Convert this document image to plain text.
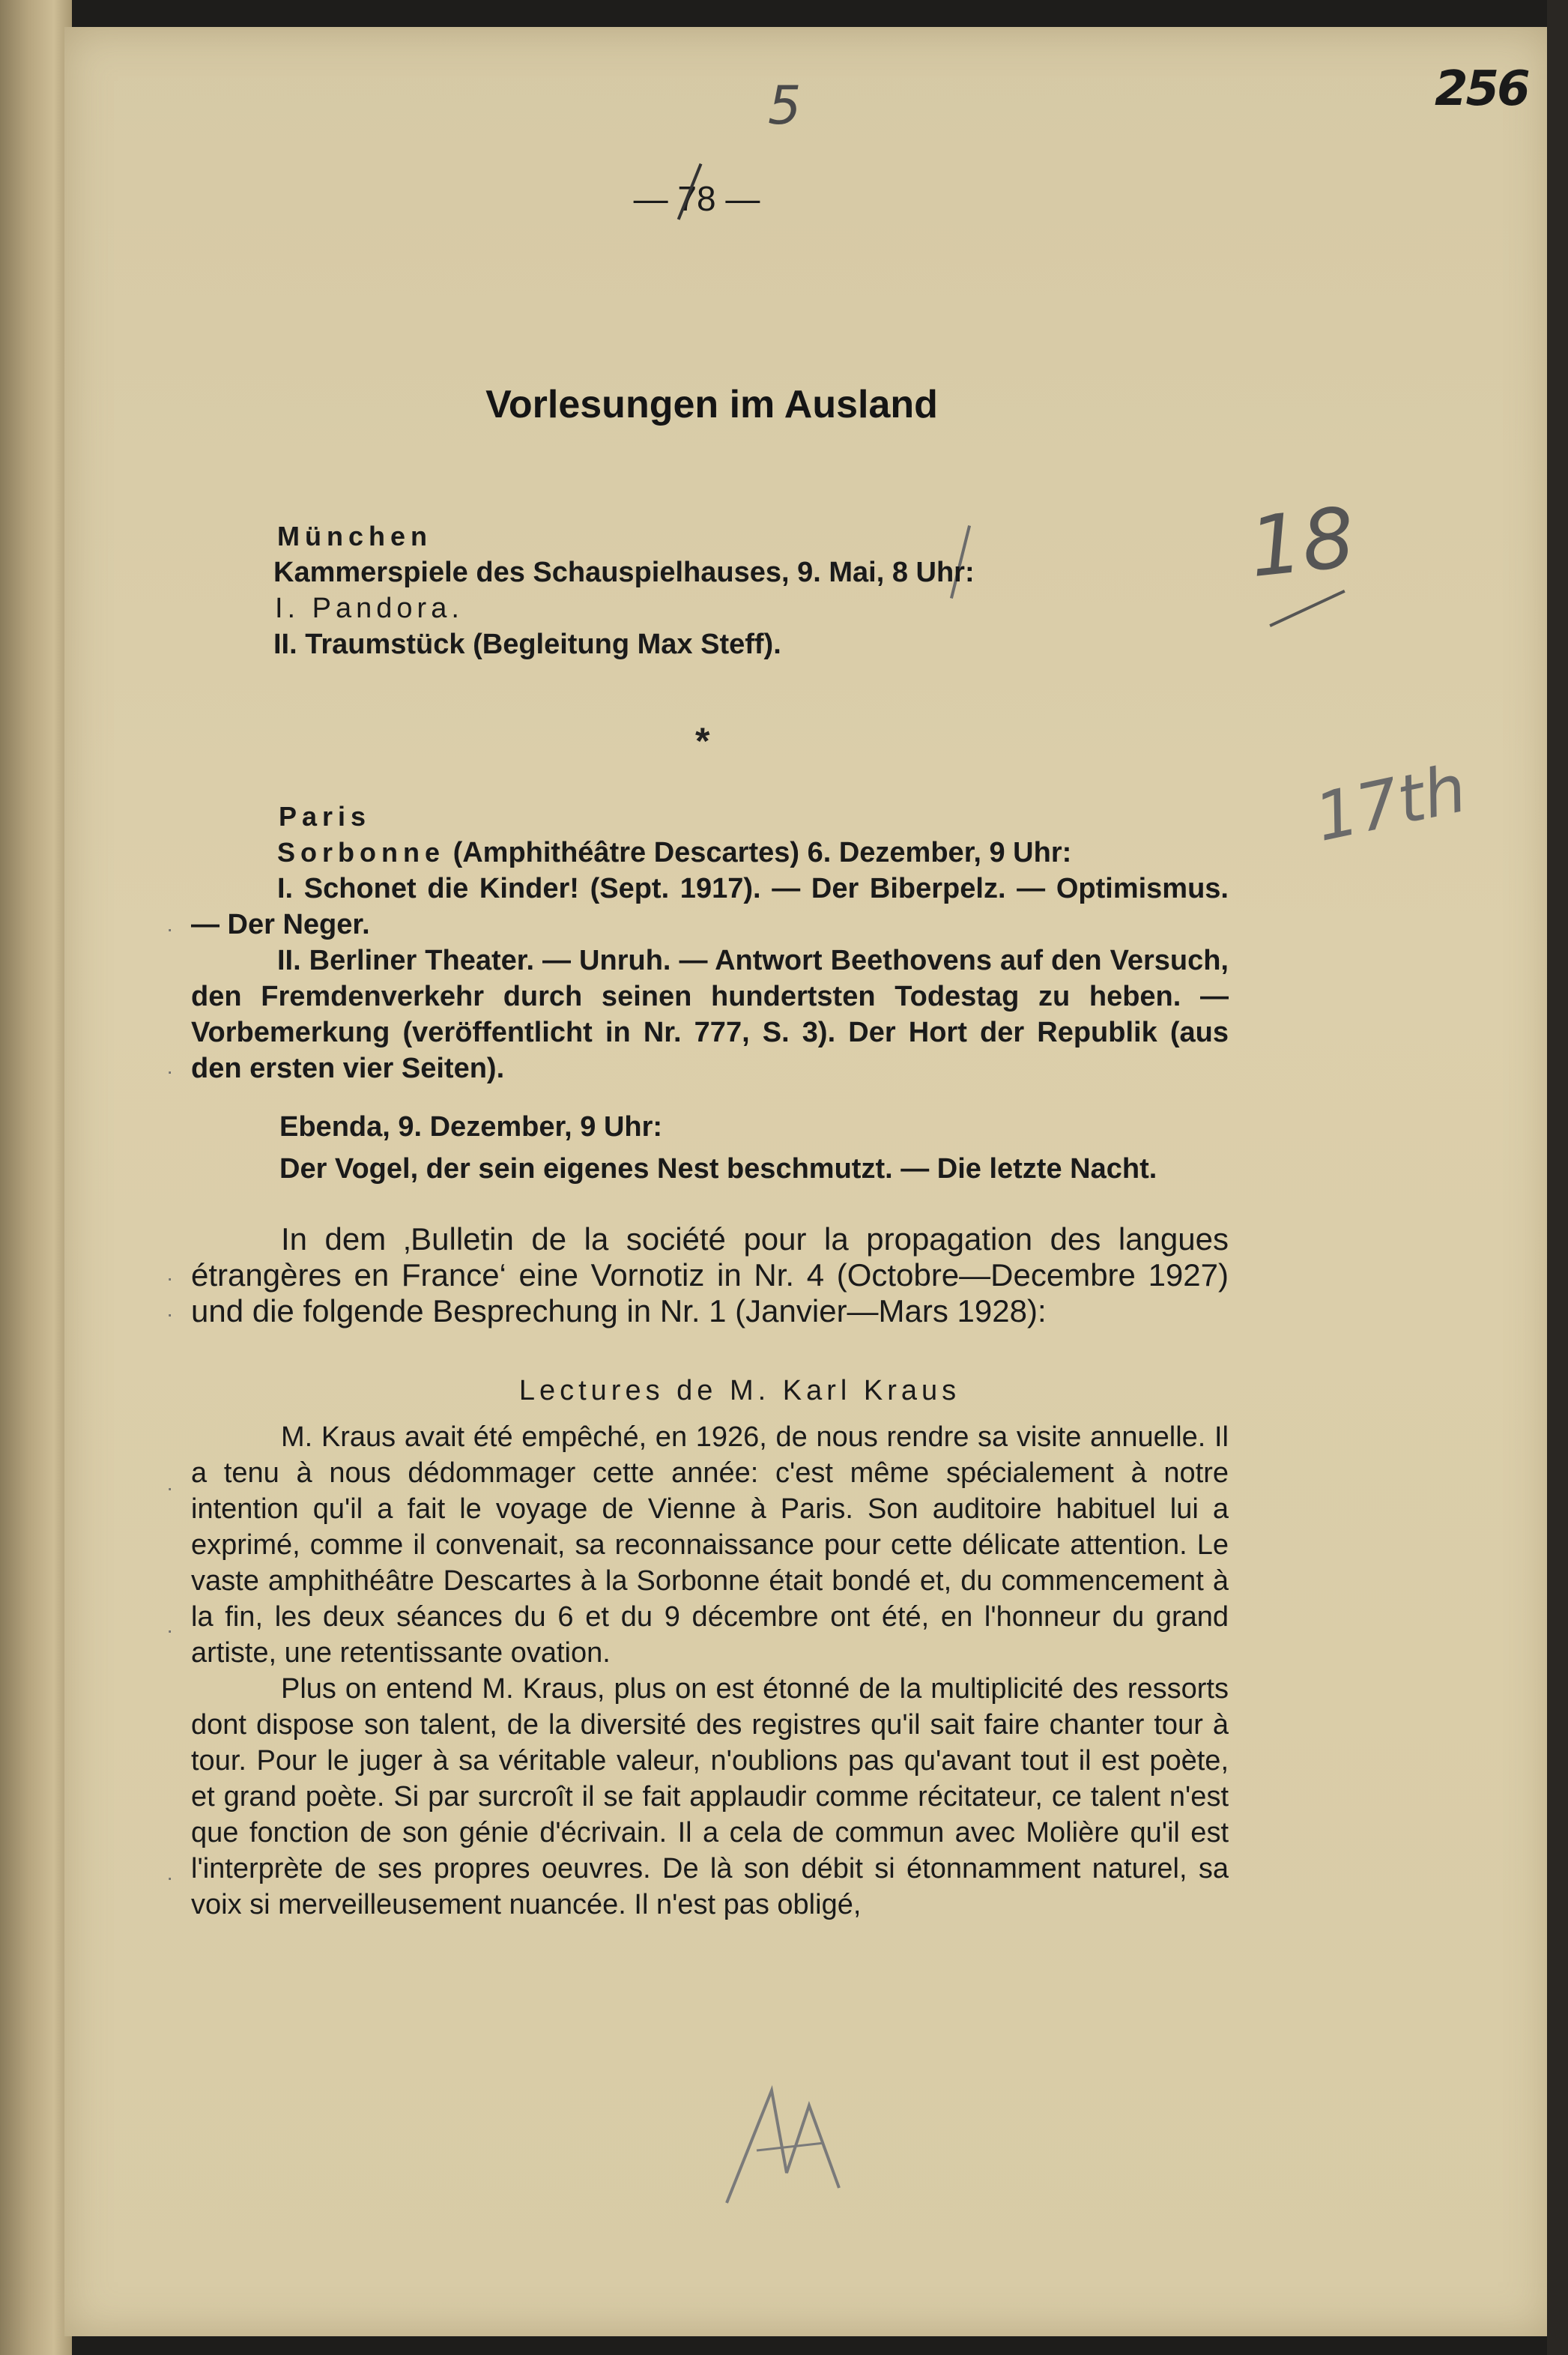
256
5
— 78 —
Vorlesungen im Ausland
18
17th
München
Kammerspiele des Schauspielhauses, 9. Mai, 8 Uhr:
I. Pandora.
II. Traumstück (Begleitung Max Steff).
*
Paris
Sorbonne (Amphithéâtre Descartes) 6. Dezember, 9 Uhr:
I. Schonet die Kinder! (Sept. 1917). — Der Biberpelz. — Optimismus. — Der Neger.
II. Berliner Theater. — Unruh. — Antwort Beethovens auf den Versuch, den Fremdenverkehr durch seinen hundertsten Todestag zu heben. — Vorbemerkung (veröffentlicht in Nr. 777, S. 3). Der Hort der Republik (aus den ersten vier Seiten).
Ebenda, 9. Dezember, 9 Uhr:
Der Vogel, der sein eigenes Nest beschmutzt. — Die letzte Nacht.
In dem ‚Bulletin de la société pour la propagation des langues étrangères en France‘ eine Vornotiz in Nr. 4 (Octobre—Decembre 1927) und die folgende Besprechung in Nr. 1 (Janvier—Mars 1928):
Lectures de M. Karl Kraus
M. Kraus avait été empêché, en 1926, de nous rendre sa visite annuelle. Il a tenu à nous dédommager cette année: c'est même spécialement à notre intention qu'il a fait le voyage de Vienne à Paris. Son auditoire habituel lui a exprimé, comme il convenait, sa reconnaissance pour cette délicate attention. Le vaste amphithéâtre Descartes à la Sorbonne était bondé et, du commencement à la fin, les deux séances du 6 et du 9 décembre ont été, en l'honneur du grand artiste, une retentissante ovation.
Plus on entend M. Kraus, plus on est étonné de la multiplicité des ressorts dont dispose son talent, de la diversité des registres qu'il sait faire chanter tour à tour. Pour le juger à sa véritable valeur, n'oublions pas qu'avant tout il est poète, et grand poète. Si par surcroît il se fait applaudir comme récitateur, ce talent n'est que fonction de son génie d'écrivain. Il a cela de commun avec Molière qu'il est l'interprète de ses propres oeuvres. De là son débit si étonnamment naturel, sa voix si merveilleusement nuancée. Il n'est pas obligé,
·
·
·
·
·
·
·
